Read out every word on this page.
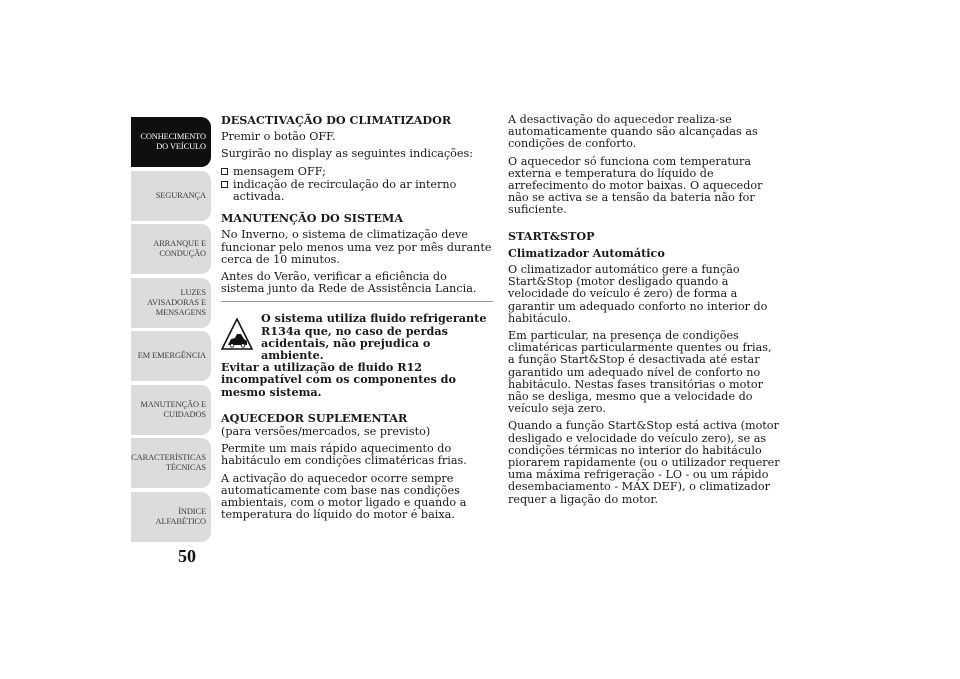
CONHECIMENTO
DO VEÍCULO
SEGURANÇA
ARRANQUE E
CONDUÇÃO
LUZES
AVISADORAS E
MENSAGENS
EM EMERGÊNCIA
MANUTENÇÃO E
CUIDADOS
CARACTERÍSTICAS
TÉCNICAS
ÍNDICE
ALFABÉTICO
50
DESACTIVAÇÃO DO CLIMATIZADOR

Premir o botão OFF.

Surgirão no display as seguintes indicações:

mensagem OFF;
indicação de recirculação do ar interno activada.
MANUTENÇÃO DO SISTEMA

No Inverno, o sistema de climatização deve funcionar pelo menos uma vez por mês durante cerca de 10 minutos.

Antes do Verão, verificar a eficiência do sistema junto da Rede de Assistência Lancia.

O sistema utiliza fluido refrigerante R134a que, no caso de perdas acidentais, não prejudica o ambiente.
Evitar a utilização de fluido R12 incompatível com os componentes do mesmo sistema.
AQUECEDOR SUPLEMENTAR

(para versões/mercados, se previsto)

Permite um mais rápido aquecimento do habitáculo em condições climatéricas frias.

A activação do aquecedor ocorre sempre automaticamente com base nas condições ambientais, com o motor ligado e quando a temperatura do líquido do motor é baixa.

A desactivação do aquecedor realiza-se automaticamente quando são alcançadas as condições de conforto.

O aquecedor só funciona com temperatura externa e temperatura do líquido de arrefecimento do motor baixas. O aquecedor não se activa se a tensão da bateria não for suficiente.

START&STOP
Climatizador Automático

O climatizador automático gere a função Start&Stop (motor desligado quando a velocidade do veículo é zero) de forma a garantir um adequado conforto no interior do habitáculo.

Em particular, na presença de condições climatéricas particularmente quentes ou frias, a função Start&Stop é desactivada até estar garantido um adequado nível de conforto no habitáculo. Nestas fases transitórias o motor não se desliga, mesmo que a velocidade do veículo seja zero.

Quando a função Start&Stop está activa (motor desligado e velocidade do veículo zero), se as condições térmicas no interior do habitáculo piorarem rapidamente (ou o utilizador requerer uma máxima refrigeração - LO - ou um rápido desembaciamento - MAX DEF), o climatizador requer a ligação do motor.
